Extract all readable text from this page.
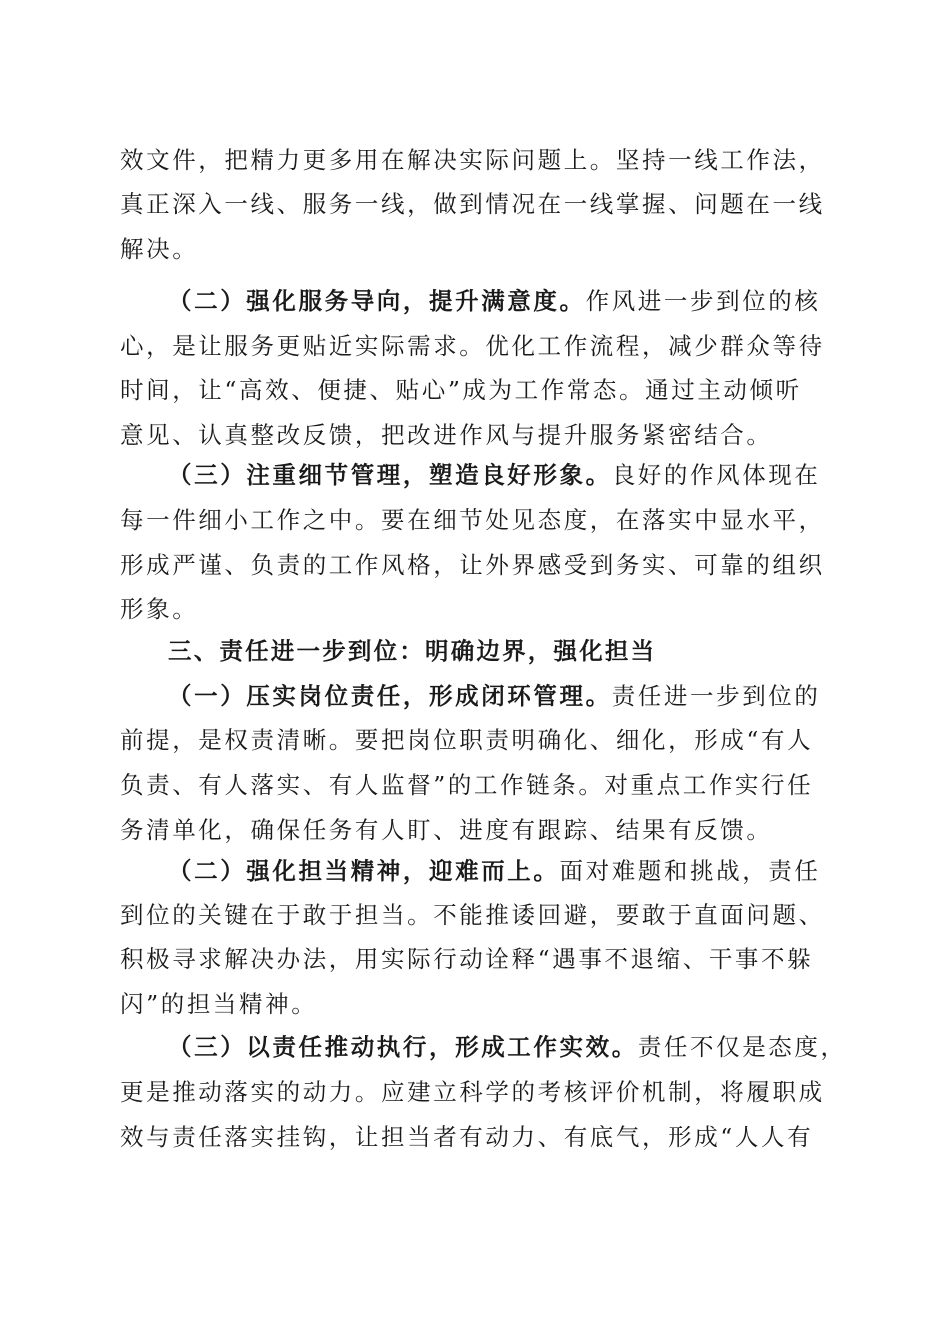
效文件，把精力更多用在解决实际问题上。坚持一线工作法，
真正深入一线、服务一线，做到情况在一线掌握、问题在一线
解决。
（二）强化服务导向，提升满意度。作风进一步到位的核
心，是让服务更贴近实际需求。优化工作流程，减少群众等待
时间，让“高效、便捷、贴心”成为工作常态。通过主动倾听
意见、认真整改反馈，把改进作风与提升服务紧密结合。
（三）注重细节管理，塑造良好形象。良好的作风体现在
每一件细小工作之中。要在细节处见态度，在落实中显水平，
形成严谨、负责的工作风格，让外界感受到务实、可靠的组织
形象。
三、责任进一步到位：明确边界，强化担当
（一）压实岗位责任，形成闭环管理。责任进一步到位的
前提，是权责清晰。要把岗位职责明确化、细化，形成“有人
负责、有人落实、有人监督”的工作链条。对重点工作实行任
务清单化，确保任务有人盯、进度有跟踪、结果有反馈。
（二）强化担当精神，迎难而上。面对难题和挑战，责任
到位的关键在于敢于担当。不能推诿回避，要敢于直面问题、
积极寻求解决办法，用实际行动诠释“遇事不退缩、干事不躲
闪”的担当精神。
（三）以责任推动执行，形成工作实效。责任不仅是态度，
更是推动落实的动力。应建立科学的考核评价机制，将履职成
效与责任落实挂钩，让担当者有动力、有底气，形成“人人有
